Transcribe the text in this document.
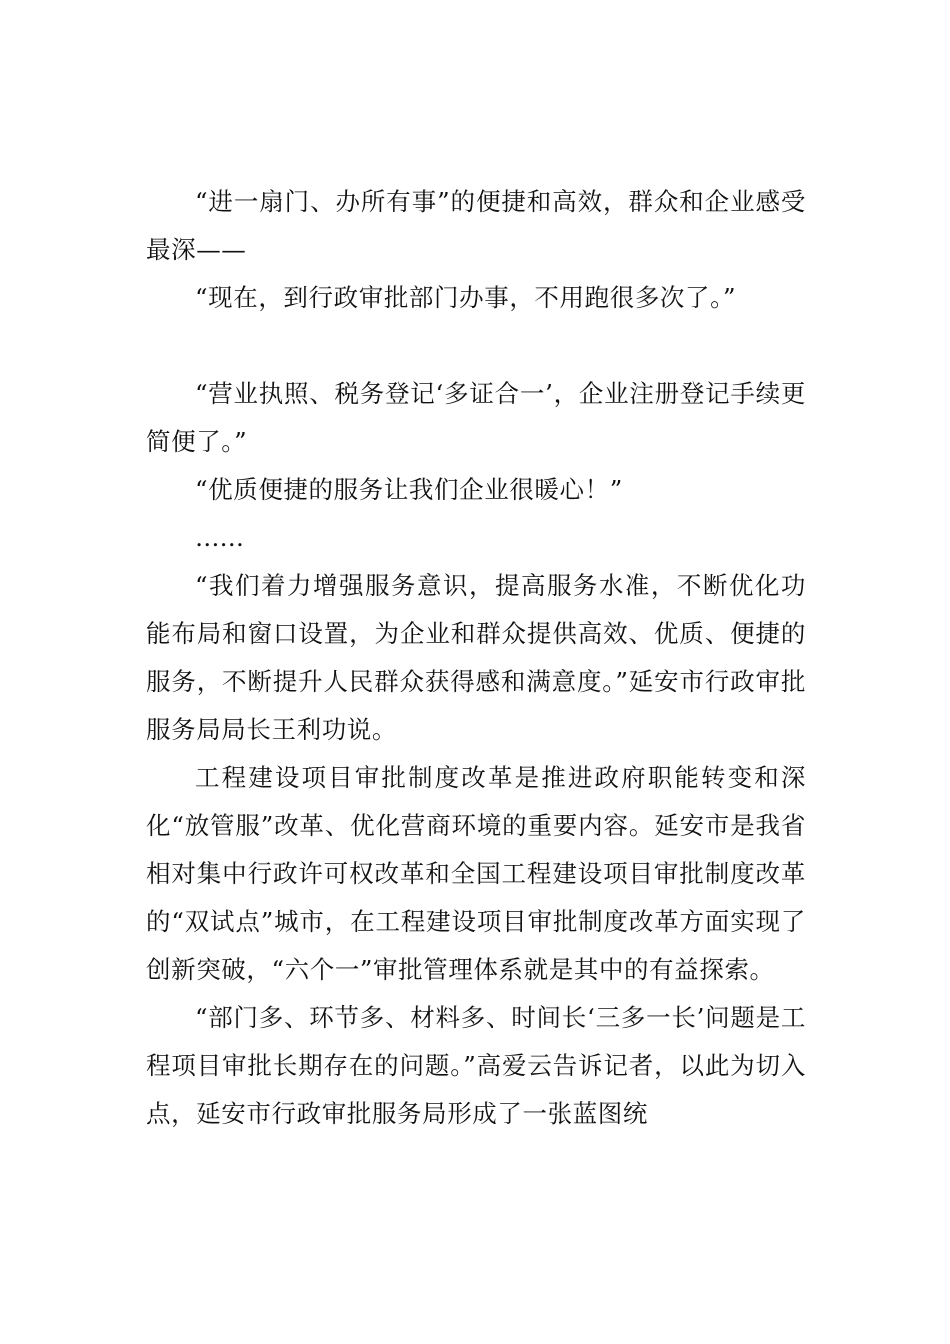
“进一扇门、办所有事”的便捷和高效，群众和企业感受最深——

“现在，到行政审批部门办事，不用跑很多次了。”

“营业执照、税务登记‘多证合一’，企业注册登记手续更简便了。”

“优质便捷的服务让我们企业很暖心！”

……

“我们着力增强服务意识，提高服务水准，不断优化功能布局和窗口设置，为企业和群众提供高效、优质、便捷的服务，不断提升人民群众获得感和满意度。”延安市行政审批服务局局长王利功说。

工程建设项目审批制度改革是推进政府职能转变和深化“放管服”改革、优化营商环境的重要内容。延安市是我省相对集中行政许可权改革和全国工程建设项目审批制度改革的“双试点”城市，在工程建设项目审批制度改革方面实现了创新突破，“六个一”审批管理体系就是其中的有益探索。

“部门多、环节多、材料多、时间长‘三多一长’问题是工程项目审批长期存在的问题。”高爱云告诉记者，以此为切入点，延安市行政审批服务局形成了一张蓝图统
